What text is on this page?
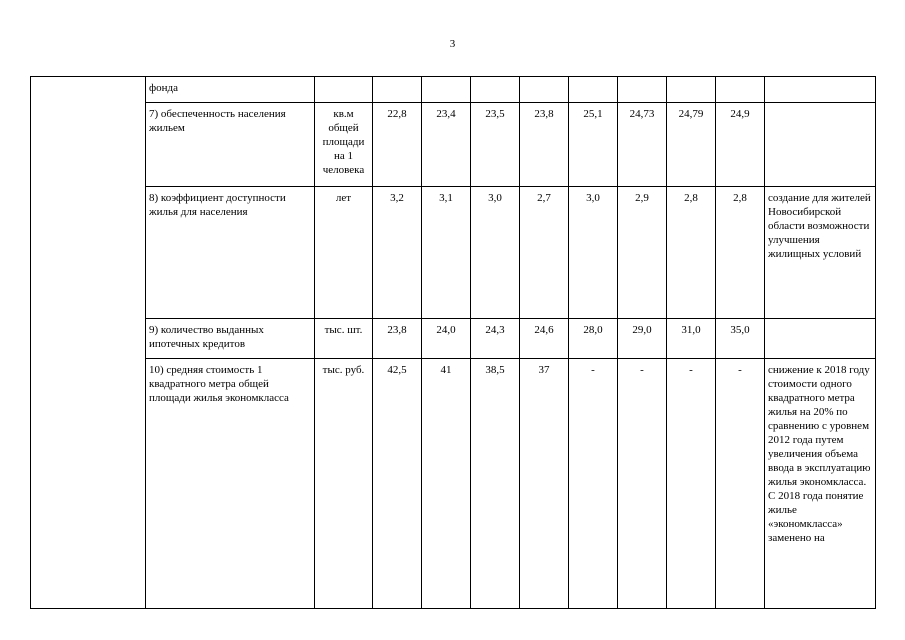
3
	фонда										
	7) обеспеченность населения жильем	кв.м общей площади на 1 человека	22,8	23,4	23,5	23,8	25,1	24,73	24,79	24,9	
	8) коэффициент доступности жилья для населения	лет	3,2	3,1	3,0	2,7	3,0	2,9	2,8	2,8	создание для жителей Новосибирской области возможности улучшения жилищных условий
	9) количество выданных ипотечных кредитов	тыс. шт.	23,8	24,0	24,3	24,6	28,0	29,0	31,0	35,0	
	10) средняя стоимость 1 квадратного метра общей площади жилья экономкласса	тыс. руб.	42,5	41	38,5	37	-	-	-	-	снижение к 2018 году стоимости одного квадратного метра жилья на 20% по сравнению с уровнем 2012 года путем увеличения объема ввода в эксплуатацию жилья экономкласса. С 2018 года понятие жилье «экономкласса» заменено на
